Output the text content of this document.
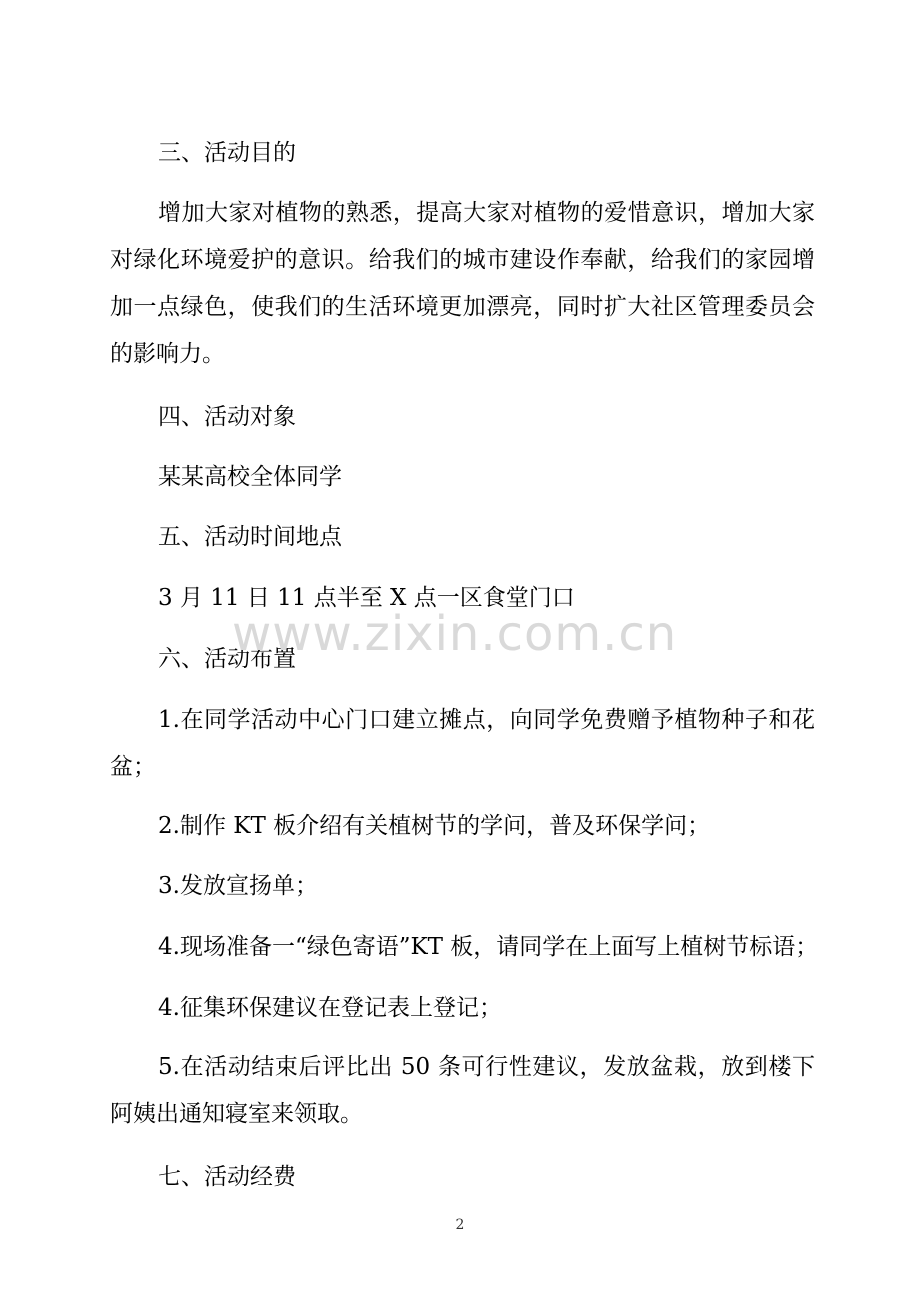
三、活动目的
增加大家对植物的熟悉，提高大家对植物的爱惜意识，增加大家对绿化环境爱护的意识。给我们的城市建设作奉献，给我们的家园增加一点绿色，使我们的生活环境更加漂亮，同时扩大社区管理委员会的影响力。
四、活动对象
某某高校全体同学
五、活动时间地点
3 月 11 日 11 点半至 X 点一区食堂门口
六、活动布置
1.在同学活动中心门口建立摊点，向同学免费赠予植物种子和花盆；
2.制作 KT 板介绍有关植树节的学问，普及环保学问；
3.发放宣扬单；
4.现场准备一“绿色寄语”KT 板，请同学在上面写上植树节标语；
4.征集环保建议在登记表上登记；
5.在活动结束后评比出 50 条可行性建议，发放盆栽，放到楼下阿姨出通知寝室来领取。
七、活动经费
www.zixin.com.cn
2
